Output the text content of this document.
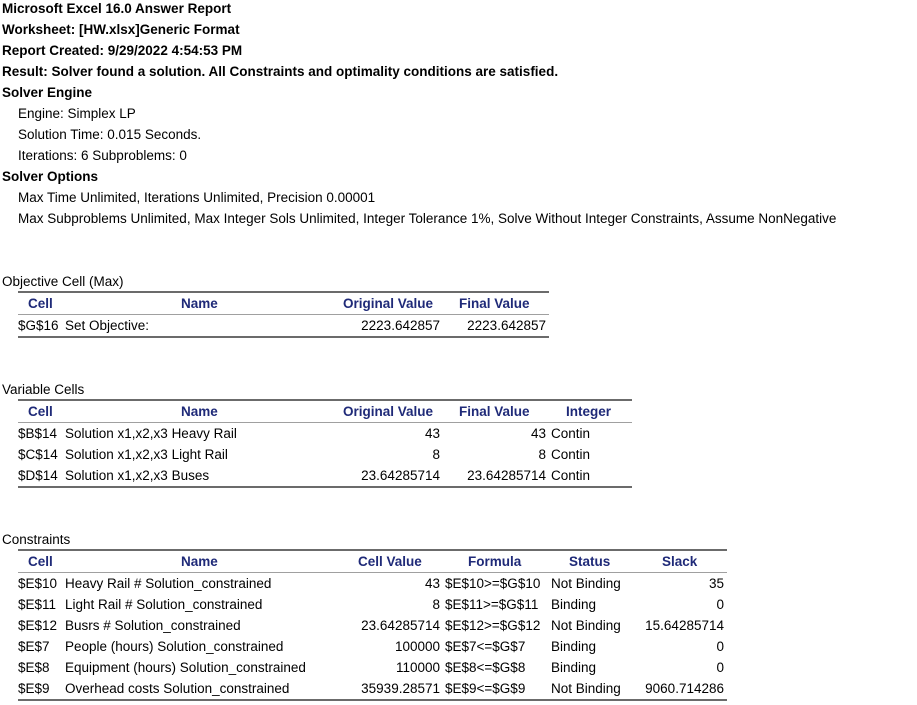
Microsoft Excel 16.0 Answer Report
Worksheet: [HW.xlsx]Generic Format
Report Created: 9/29/2022 4:54:53 PM
Result: Solver found a solution. All Constraints and optimality conditions are satisfied.
Solver Engine
Engine: Simplex LP
Solution Time: 0.015 Seconds.
Iterations: 6 Subproblems: 0
Solver Options
Max Time Unlimited, Iterations Unlimited, Precision 0.00001
Max Subproblems Unlimited, Max Integer Sols Unlimited, Integer Tolerance 1%, Solve Without Integer Constraints, Assume NonNegative
Objective Cell (Max)
Cell	Name	Original Value Final Value
$G$16 Set Objective:	2223.642857	2223.642857
Variable Cells
Cell	Name	Original Value Final Value	Integer
$B$14 Solution x1,x2,x3 Heavy Rail	43	43 Contin
$C$14 Solution x1,x2,x3 Light Rail	8	8 Contin
$D$14 Solution x1,x2,x3 Buses	23.64285714	23.64285714 Contin
Constraints
Cell	Name	Cell Value	Formula	Status	Slack
$E$10 Heavy Rail # Solution_constrained	43 $E$10>=$G$10 Not Binding	35
$E$11 Light Rail # Solution_constrained	8 $E$11>=$G$11 Binding	0
$E$12 Busrs # Solution_constrained	23.64285714 $E$12>=$G$12 Not Binding	15.64285714
$E$7 People (hours) Solution_constrained	100000 $E$7<=$G$7 Binding	0
$E$8 Equipment (hours) Solution_constrained	110000 $E$8<=$G$8 Binding	0
$E$9 Overhead costs Solution_constrained	35939.28571 $E$9<=$G$9 Not Binding	9060.714286
